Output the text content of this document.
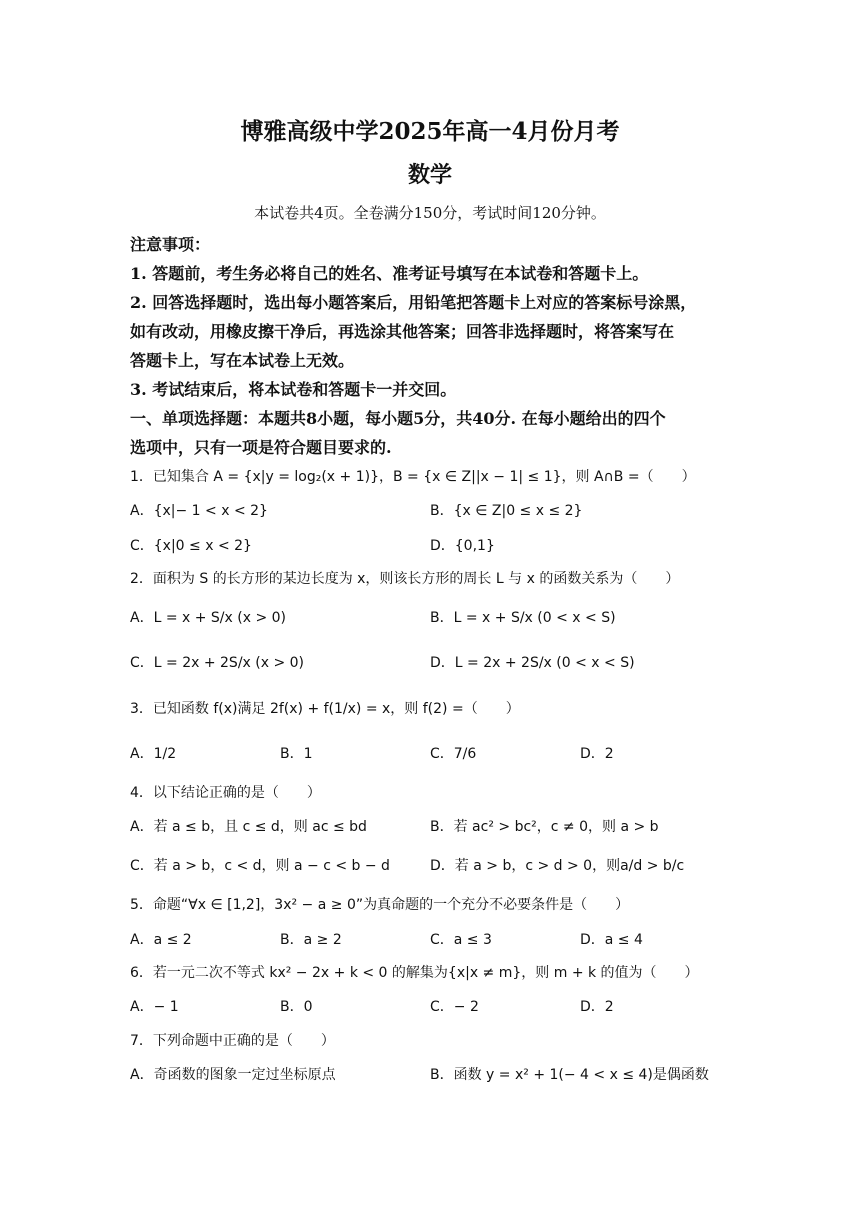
博雅高级中学2025年高一4月份月考
数学
本试卷共4页。全卷满分150分，考试时间120分钟。
注意事项：
1. 答题前，考生务必将自己的姓名、准考证号填写在本试卷和答题卡上。
2. 回答选择题时，选出每小题答案后，用铅笔把答题卡上对应的答案标号涂黑，
如有改动，用橡皮擦干净后，再选涂其他答案；回答非选择题时，将答案写在
答题卡上，写在本试卷上无效。
3. 考试结束后，将本试卷和答题卡一并交回。
一、单项选择题：本题共8小题，每小题5分，共40分. 在每小题给出的四个
选项中，只有一项是符合题目要求的.
1．已知集合 A = {x|y = log₂(x + 1)}，B = {x ∈ Z||x − 1| ≤ 1}，则 A∩B =（　　）
A．{x|− 1 < x < 2}	B．{x ∈ Z|0 ≤ x ≤ 2}
C．{x|0 ≤ x < 2}	D．{0,1}
2．面积为 S 的长方形的某边长度为 x，则该长方形的周长 L 与 x 的函数关系为（　　）
A．L = x + S/x (x > 0)	B．L = x + S/x (0 < x < S)
C．L = 2x + 2S/x (x > 0)	D．L = 2x + 2S/x (0 < x < S)
3．已知函数 f(x)满足 2f(x) + f(1/x) = x，则 f(2) =（　　）
A．1/2	B．1	C．7/6	D．2
4．以下结论正确的是（　　）
A．若 a ≤ b，且 c ≤ d，则 ac ≤ bd	B．若 ac² > bc²，c ≠ 0，则 a > b
C．若 a > b，c < d，则 a − c < b − d	D．若 a > b，c > d > 0，则a/d > b/c
5．命题“∀x ∈ [1,2]，3x² − a ≥ 0”为真命题的一个充分不必要条件是（　　）
A．a ≤ 2	B．a ≥ 2	C．a ≤ 3	D．a ≤ 4
6．若一元二次不等式 kx² − 2x + k < 0 的解集为{x|x ≠ m}，则 m + k 的值为（　　）
A．− 1	B．0	C．− 2	D．2
7．下列命题中正确的是（　　）
A．奇函数的图象一定过坐标原点	B．函数 y = x² + 1(− 4 < x ≤ 4)是偶函数
